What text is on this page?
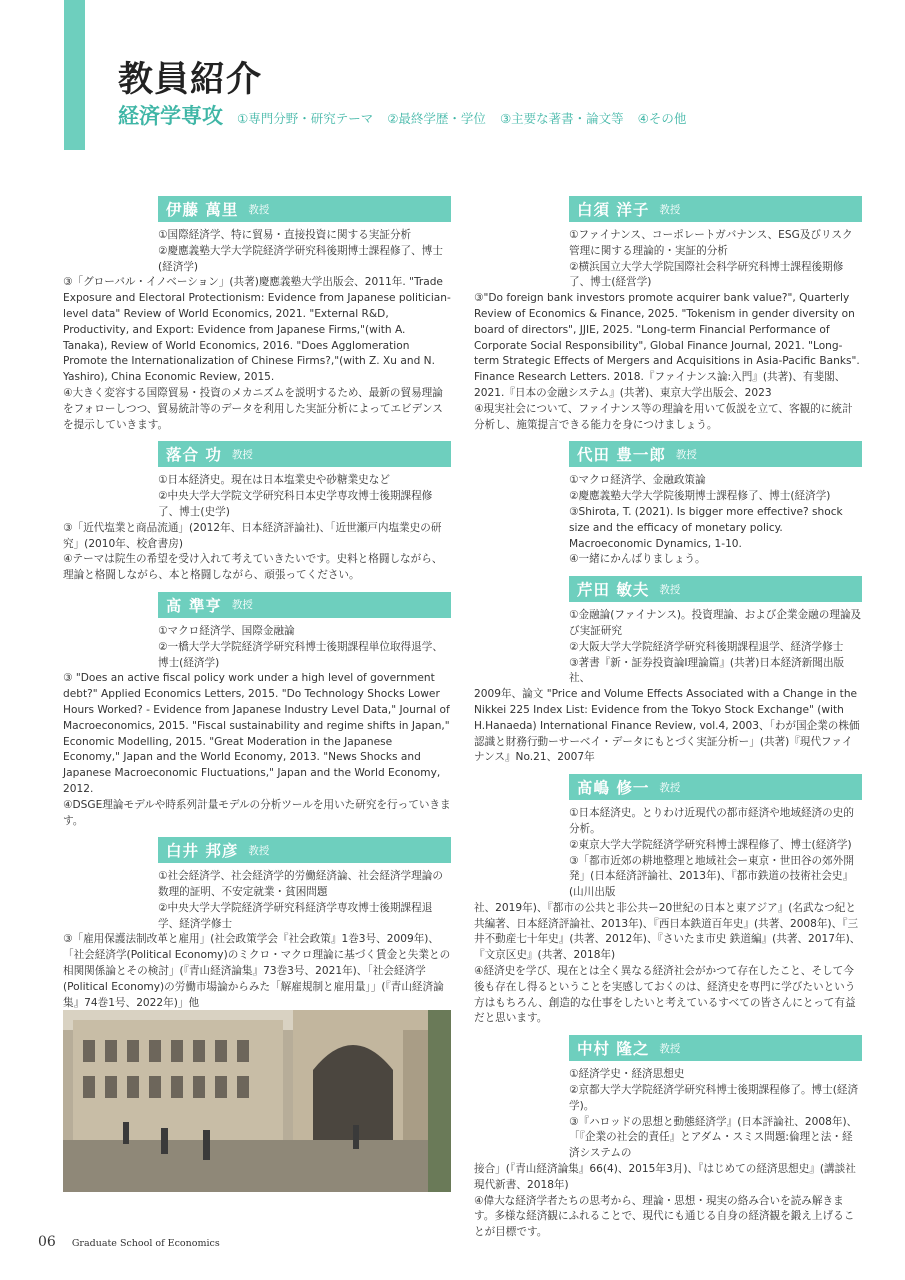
教員紹介
経済学専攻 ①専門分野・研究テーマ ②最終学歴・学位 ③主要な著書・論文等 ④その他
伊藤 萬里 教授

①国際経済学、特に貿易・直接投資に関する実証分析

②慶應義塾大学大学院経済学研究科後期博士課程修了、博士(経済学)

③「グローバル・イノベーション」(共著)慶應義塾大学出版会、2011年. "Trade Exposure and Electoral Protectionism: Evidence from Japanese politician-level data" Review of World Economics, 2021. "External R&D, Productivity, and Export: Evidence from Japanese Firms,"(with A. Tanaka), Review of World Economics, 2016. "Does Agglomeration Promote the Internationalization of Chinese Firms?,"(with Z. Xu and N. Yashiro), China Economic Review, 2015.

④大きく変容する国際貿易・投資のメカニズムを説明するため、最新の貿易理論をフォローしつつ、貿易統計等のデータを利用した実証分析によってエビデンスを提示していきます。

落合 功 教授

①日本経済史。現在は日本塩業史や砂糖業史など

②中央大学大学院文学研究科日本史学専攻博士後期課程修了、博士(史学)

③「近代塩業と商品流通」(2012年、日本経済評論社)、「近世瀬戸内塩業史の研究」(2010年、校倉書房)

④テーマは院生の希望を受け入れて考えていきたいです。史料と格闘しながら、理論と格闘しながら、本と格闘しながら、頑張ってください。

髙 準亨 教授

①マクロ経済学、国際金融論

②一橋大学大学院経済学研究科博士後期課程単位取得退学、博士(経済学)

③ "Does an active fiscal policy work under a high level of government debt?" Applied Economics Letters, 2015. "Do Technology Shocks Lower Hours Worked? - Evidence from Japanese Industry Level Data," Journal of Macroeconomics, 2015. "Fiscal sustainability and regime shifts in Japan," Economic Modelling, 2015. "Great Moderation in the Japanese Economy," Japan and the World Economy, 2013. "News Shocks and Japanese Macroeconomic Fluctuations," Japan and the World Economy, 2012.

④DSGE理論モデルや時系列計量モデルの分析ツールを用いた研究を行っていきます。

白井 邦彦 教授

①社会経済学、社会経済学的労働経済論、社会経済学理論の数理的証明、不安定就業・貧困問題

②中央大学大学院経済学研究科経済学専攻博士後期課程退学、経済学修士

③「雇用保護法制改革と雇用」(社会政策学会『社会政策』1巻3号、2009年)、「社会経済学(Political Economy)のミクロ・マクロ理論に基づく賃金と失業との相関関係論とその検討」(『青山経済論集』73巻3号、2021年)、「社会経済学(Political Economy)の労働市場論からみた「解雇規制と雇用量」」(『青山経済論集』74巻1号、2022年)」他

白須 洋子 教授

①ファイナンス、コーポレートガバナンス、ESG及びリスク管理に関する理論的・実証的分析

②横浜国立大学大学院国際社会科学研究科博士課程後期修了、博士(経営学)

③"Do foreign bank investors promote acquirer bank value?", Quarterly Review of Economics & Finance, 2025. "Tokenism in gender diversity on board of directors", JJIE, 2025. "Long-term Financial Performance of Corporate Social Responsibility", Global Finance Journal, 2021. "Long-term Strategic Effects of Mergers and Acquisitions in Asia-Pacific Banks". Finance Research Letters. 2018.『ファイナンス論:入門』(共著)、有斐閣、2021.『日本の金融システム』(共著)、東京大学出版会、2023

④現実社会について、ファイナンス等の理論を用いて仮説を立て、客観的に統計分析し、施策提言できる能力を身につけましょう。

代田 豊一郎 教授

①マクロ経済学、金融政策論

②慶應義塾大学大学院後期博士課程修了、博士(経済学)

③Shirota, T. (2021). Is bigger more effective? shock size and the efficacy of monetary policy. Macroeconomic Dynamics, 1-10.

④一緒にかんばりましょう。

芹田 敏夫 教授

①金融論(ファイナンス)。投資理論、および企業金融の理論及び実証研究

②大阪大学大学院経済学研究科後期課程退学、経済学修士

③著書『新・証券投資論Ⅰ理論篇』(共著)日本経済新聞出版社、

2009年、論文 "Price and Volume Effects Associated with a Change in the Nikkei 225 Index List: Evidence from the Tokyo Stock Exchange" (with H.Hanaeda) International Finance Review, vol.4, 2003、「わが国企業の株価認識と財務行動ーサーベイ・データにもとづく実証分析ー」(共著)『現代ファイナンス』No.21、2007年

髙嶋 修一 教授

①日本経済史。とりわけ近現代の都市経済や地域経済の史的分析。

②東京大学大学院経済学研究科博士課程修了、博士(経済学)

③「都市近郊の耕地整理と地域社会ー東京・世田谷の郊外開発」(日本経済評論社、2013年)、『都市鉄道の技術社会史』(山川出版

社、2019年)、『都市の公共と非公共ー20世紀の日本と東アジア』(名武なつ紀と共編著、日本経済評論社、2013年)、『西日本鉄道百年史』(共著、2008年)、『三井不動産七十年史』(共著、2012年)、『さいたま市史 鉄道編』(共著、2017年)、『文京区史』(共著、2018年)

④経済史を学び、現在とは全く異なる経済社会がかつて存在したこと、そして今後も存在し得るということを実感しておくのは、経済史を専門に学びたいという方はもちろん、創造的な仕事をしたいと考えているすべての皆さんにとって有益だと思います。

中村 隆之 教授

①経済学史・経済思想史

②京都大学大学院経済学研究科博士後期課程修了。博士(経済学)。

③『ハロッドの思想と動態経済学』(日本評論社、2008年)、「『企業の社会的責任』とアダム・スミス問題:倫理と法・経済システムの

接合」(『青山経済論集』66(4)、2015年3月)、『はじめての経済思想史』(講談社現代新書、2018年)

④偉大な経済学者たちの思考から、理論・思想・現実の絡み合いを読み解きます。多様な経済観にふれることで、現代にも通じる自身の経済観を鍛え上げることが目標です。

06 Graduate School of Economics
